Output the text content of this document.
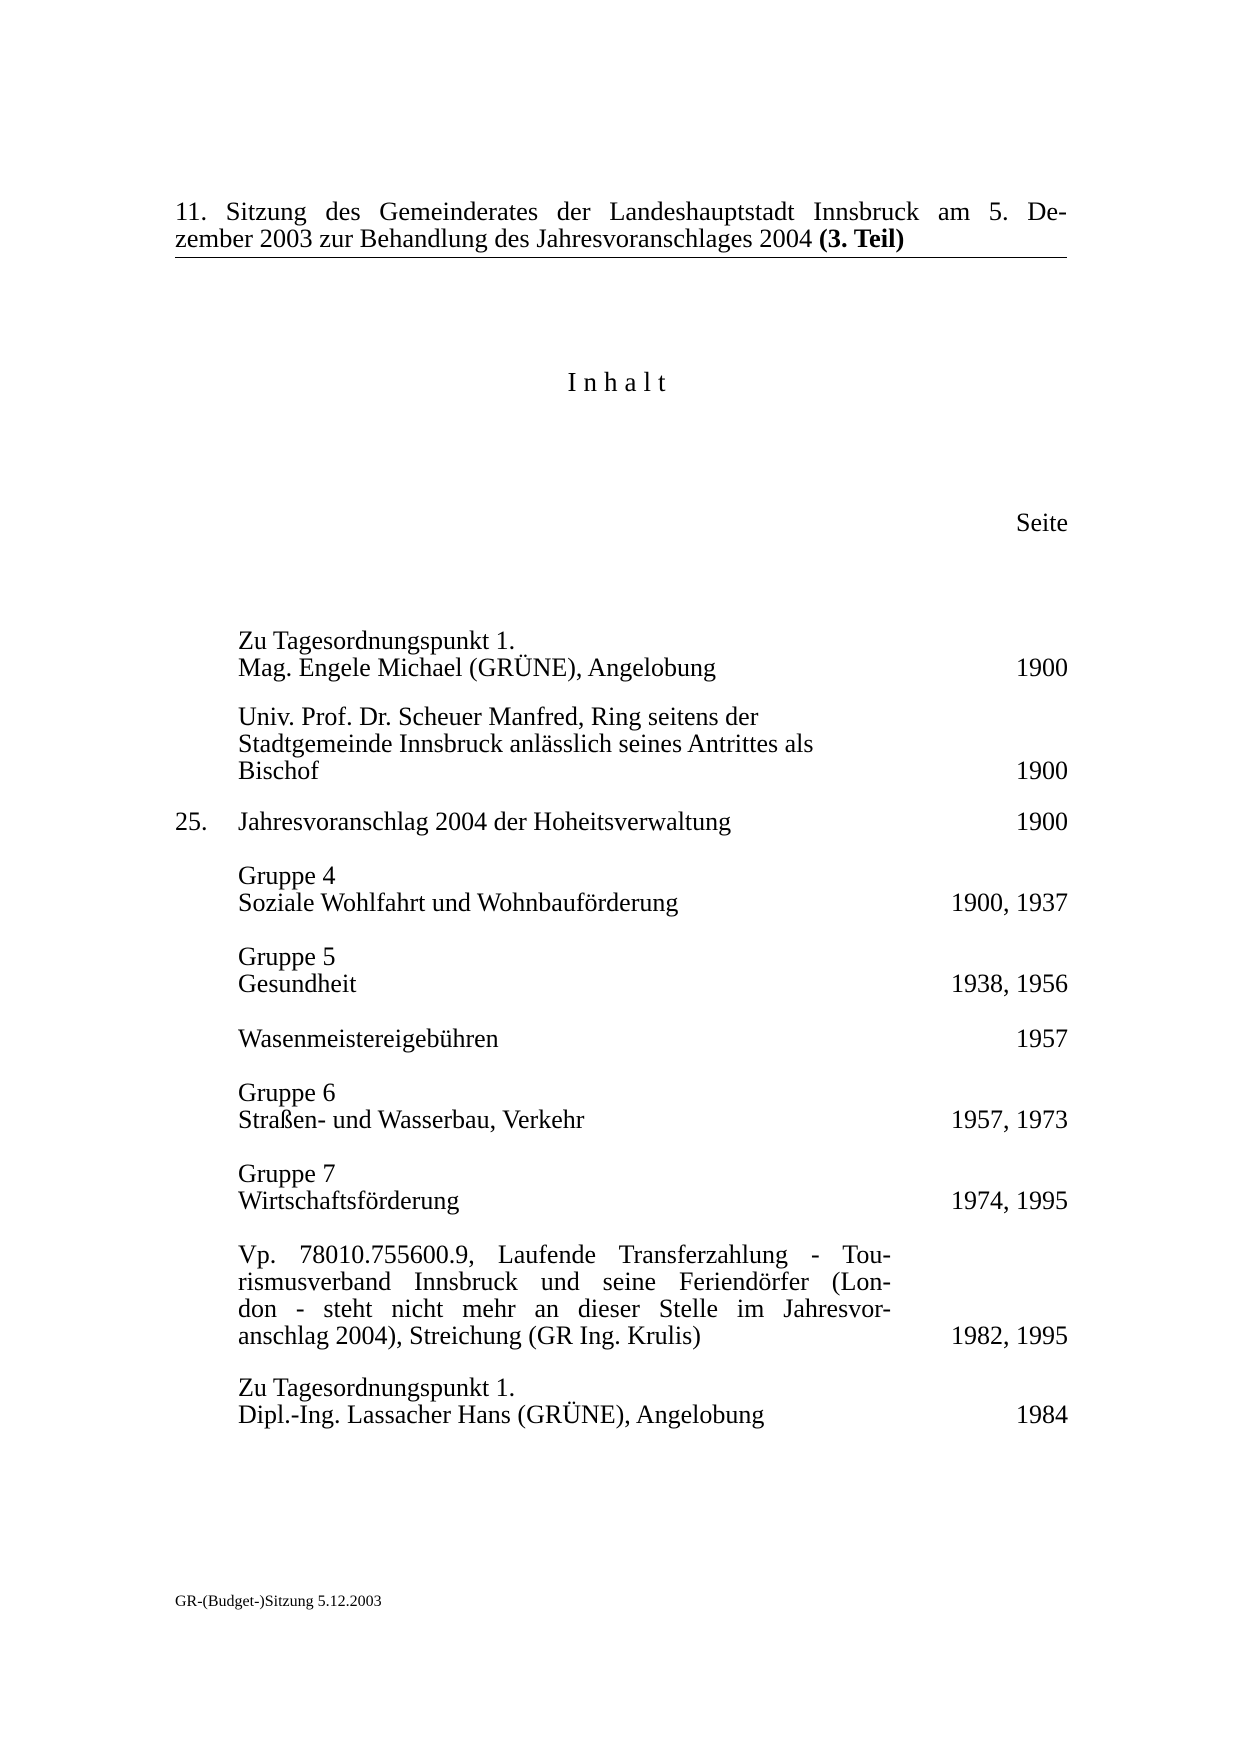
11. Sitzung des Gemeinderates der Landeshauptstadt Innsbruck am 5. De-
zember 2003 zur Behandlung des Jahresvoranschlages 2004 (3. Teil)
Inhalt
Seite
Zu Tagesordnungspunkt 1.
Mag. Engele Michael (GRÜNE), Angelobung	1900
Univ. Prof. Dr. Scheuer Manfred, Ring seitens der
Stadtgemeinde Innsbruck anlässlich seines Antrittes als
Bischof	1900
25. Jahresvoranschlag 2004 der Hoheitsverwaltung	1900
Gruppe 4
Soziale Wohlfahrt und Wohnbauförderung	1900, 1937
Gruppe 5
Gesundheit	1938, 1956
Wasenmeistereigebühren	1957
Gruppe 6
Straßen- und Wasserbau, Verkehr	1957, 1973
Gruppe 7
Wirtschaftsförderung	1974, 1995
Vp. 78010.755600.9, Laufende Transferzahlung - Tou-
rismusverband Innsbruck und seine Feriendörfer (Lon-
don - steht nicht mehr an dieser Stelle im Jahresvor-
anschlag 2004), Streichung (GR Ing. Krulis)	1982, 1995
Zu Tagesordnungspunkt 1.
Dipl.-Ing. Lassacher Hans (GRÜNE), Angelobung	1984
GR-(Budget-)Sitzung 5.12.2003
